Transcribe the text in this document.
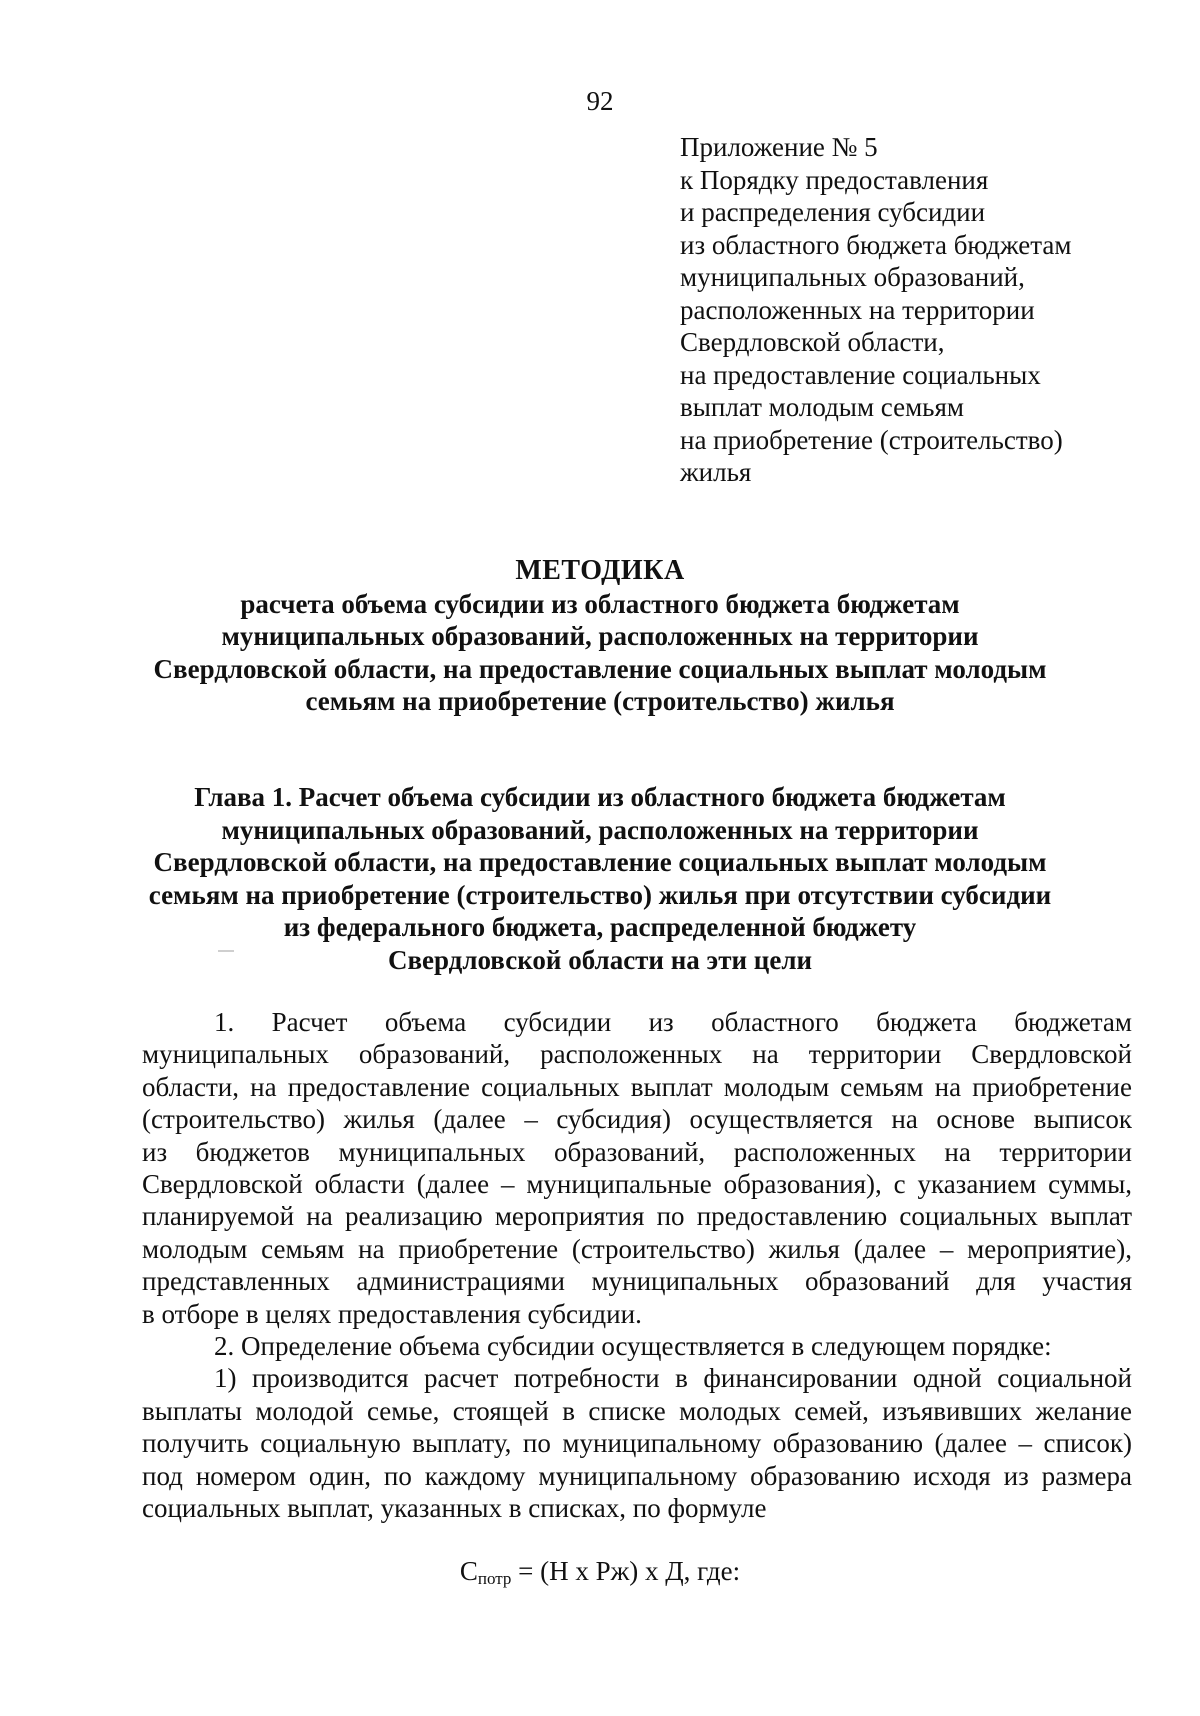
92
Приложение № 5
к Порядку предоставления
и распределения субсидии
из областного бюджета бюджетам
муниципальных образований,
расположенных на территории
Свердловской области,
на предоставление социальных
выплат молодым семьям
на приобретение (строительство)
жилья
МЕТОДИКА
расчета объема субсидии из областного бюджета бюджетам
муниципальных образований, расположенных на территории
Свердловской области, на предоставление социальных выплат молодым
семьям на приобретение (строительство) жилья
Глава 1. Расчет объема субсидии из областного бюджета бюджетам
муниципальных образований, расположенных на территории
Свердловской области, на предоставление социальных выплат молодым
семьям на приобретение (строительство) жилья при отсутствии субсидии
из федерального бюджета, распределенной бюджету
Свердловской области на эти цели

1. Расчет объема субсидии из областного бюджета бюджетам
муниципальных образований, расположенных на территории Свердловской
области, на предоставление социальных выплат молодым семьям на приобретение
(строительство) жилья (далее – субсидия) осуществляется на основе выписок
из бюджетов муниципальных образований, расположенных на территории
Свердловской области (далее – муниципальные образования), с указанием суммы,
планируемой на реализацию мероприятия по предоставлению социальных выплат
молодым семьям на приобретение (строительство) жилья (далее – мероприятие),
представленных администрациями муниципальных образований для участия
в отборе в целях предоставления субсидии.

2. Определение объема субсидии осуществляется в следующем порядке:

1) производится расчет потребности в финансировании одной социальной
выплаты молодой семье, стоящей в списке молодых семей, изъявивших желание
получить социальную выплату, по муниципальному образованию (далее – список)
под номером один, по каждому муниципальному образованию исходя из размера
социальных выплат, указанных в списках, по формуле

$С_{потр} = (Н$ х Рж) х Д, где:
